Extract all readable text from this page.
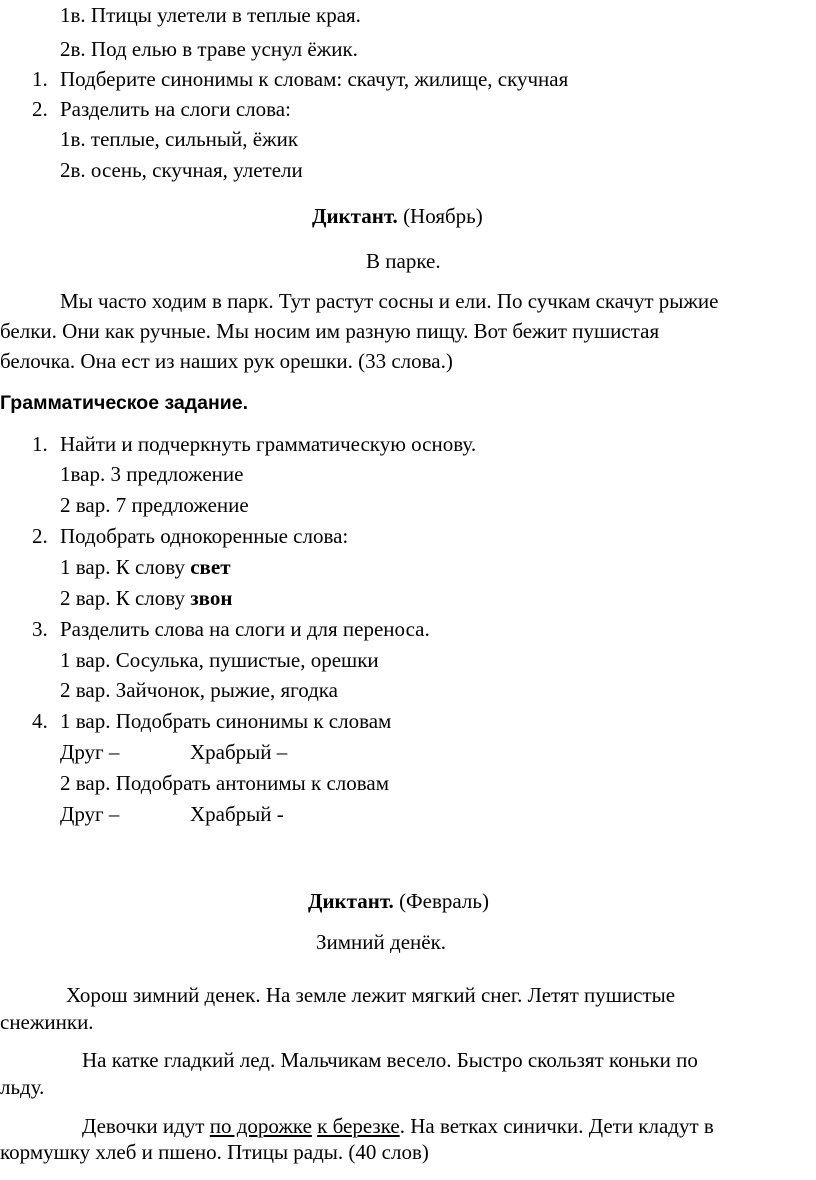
1в. Птицы улетели в теплые края.
2в. Под елью в траве уснул ёжик.
1. Подберите синонимы к словам: скачут, жилище, скучная
2. Разделить на слоги слова:
1в. теплые, сильный, ёжик
2в. осень, скучная, улетели
Диктант. (Ноябрь)
В парке.
Мы часто ходим в парк. Тут растут сосны и ели. По сучкам скачут рыжие
белки. Они как ручные. Мы носим им разную пищу. Вот бежит пушистая
белочка. Она ест из наших рук орешки. (33 слова.)
Грамматическое задание.
1. Найти и подчеркнуть грамматическую основу.
1вар. 3 предложение
2 вар. 7 предложение
2. Подобрать однокоренные слова:
1 вар. К слову свет
2 вар. К слову звон
3. Разделить слова на слоги и для переноса.
1 вар. Сосулька, пушистые, орешки
2 вар. Зайчонок, рыжие, ягодка
4. 1 вар. Подобрать синонимы к словам
Друг –	Храбрый –
2 вар. Подобрать антонимы к словам
Друг –	Храбрый -
Диктант. (Февраль)
Зимний денёк.
Хорош зимний денек. На земле лежит мягкий снег. Летят пушистые
снежинки.
На катке гладкий лед. Мальчикам весело. Быстро скользят коньки по
льду.
Девочки идут по дорожке к березке. На ветках синички. Дети кладут в
кормушку хлеб и пшено. Птицы рады. (40 слов)
